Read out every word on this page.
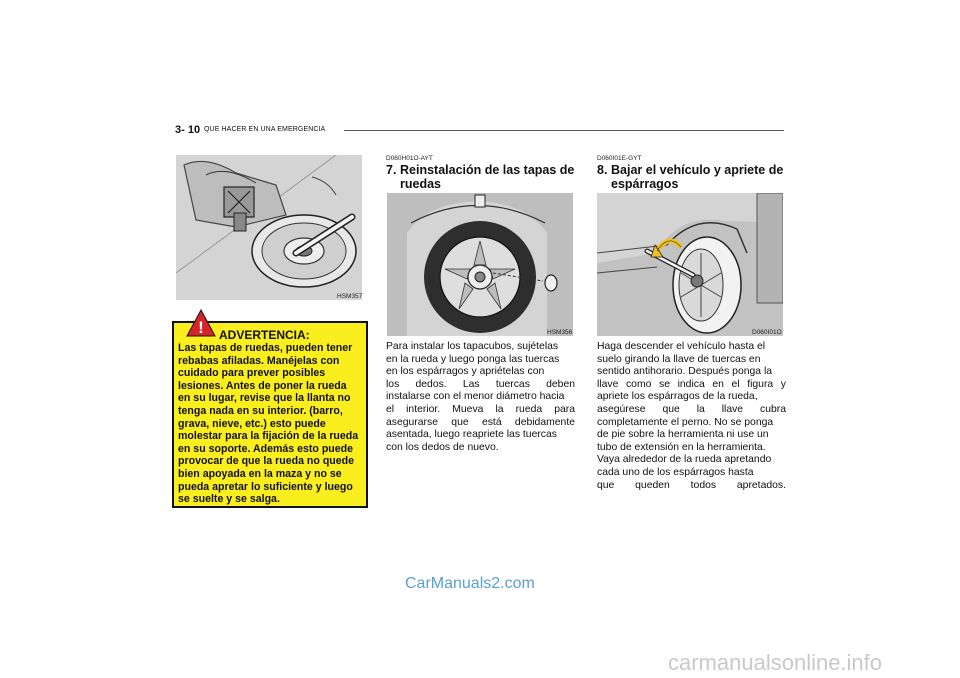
3- 10 QUE HACER EN UNA EMERGENCIA
HSM357
! ADVERTENCIA:
Las tapas de ruedas, pueden tener
rebabas afiladas. Manéjelas con
cuidado para prever posibles
lesiones. Antes de poner la rueda
en su lugar, revise que la llanta no
tenga nada en su interior. (barro,
grava, nieve, etc.) esto puede
molestar para la fijación de la rueda
en su soporte. Además esto puede
provocar de que la rueda no quede
bien apoyada en la maza y no se
pueda apretar lo suficiente y luego
se suelte y se salga.
D060H01O-AYT
7. Reinstalación de las tapas de
ruedas
HSM356
Para instalar los tapacubos, sujételas
en la rueda y luego ponga las tuercas
en los espárragos y apriételas con
los dedos. Las tuercas deben
instalarse con el menor diámetro hacia
el interior. Mueva la rueda para
asegurarse que está debidamente
asentada, luego reapriete las tuercas
con los dedos de nuevo.
D060I01E-GYT
8. Bajar el vehículo y apriete de
espárragos
D060I01O
Haga descender el vehículo hasta el
suelo girando la llave de tuercas en
sentido antihorario. Después ponga la
llave como se indica en el figura y
apriete los espárragos de la rueda,
asegúrese que la llave cubra
completamente el perno. No se ponga
de pie sobre la herramienta ni use un
tubo de extensión en la herramienta.
Vaya alrededor de la rueda apretando
cada uno de los espárragos hasta
que queden todos apretados.
CarManuals2.com
carmanualsonline.info
